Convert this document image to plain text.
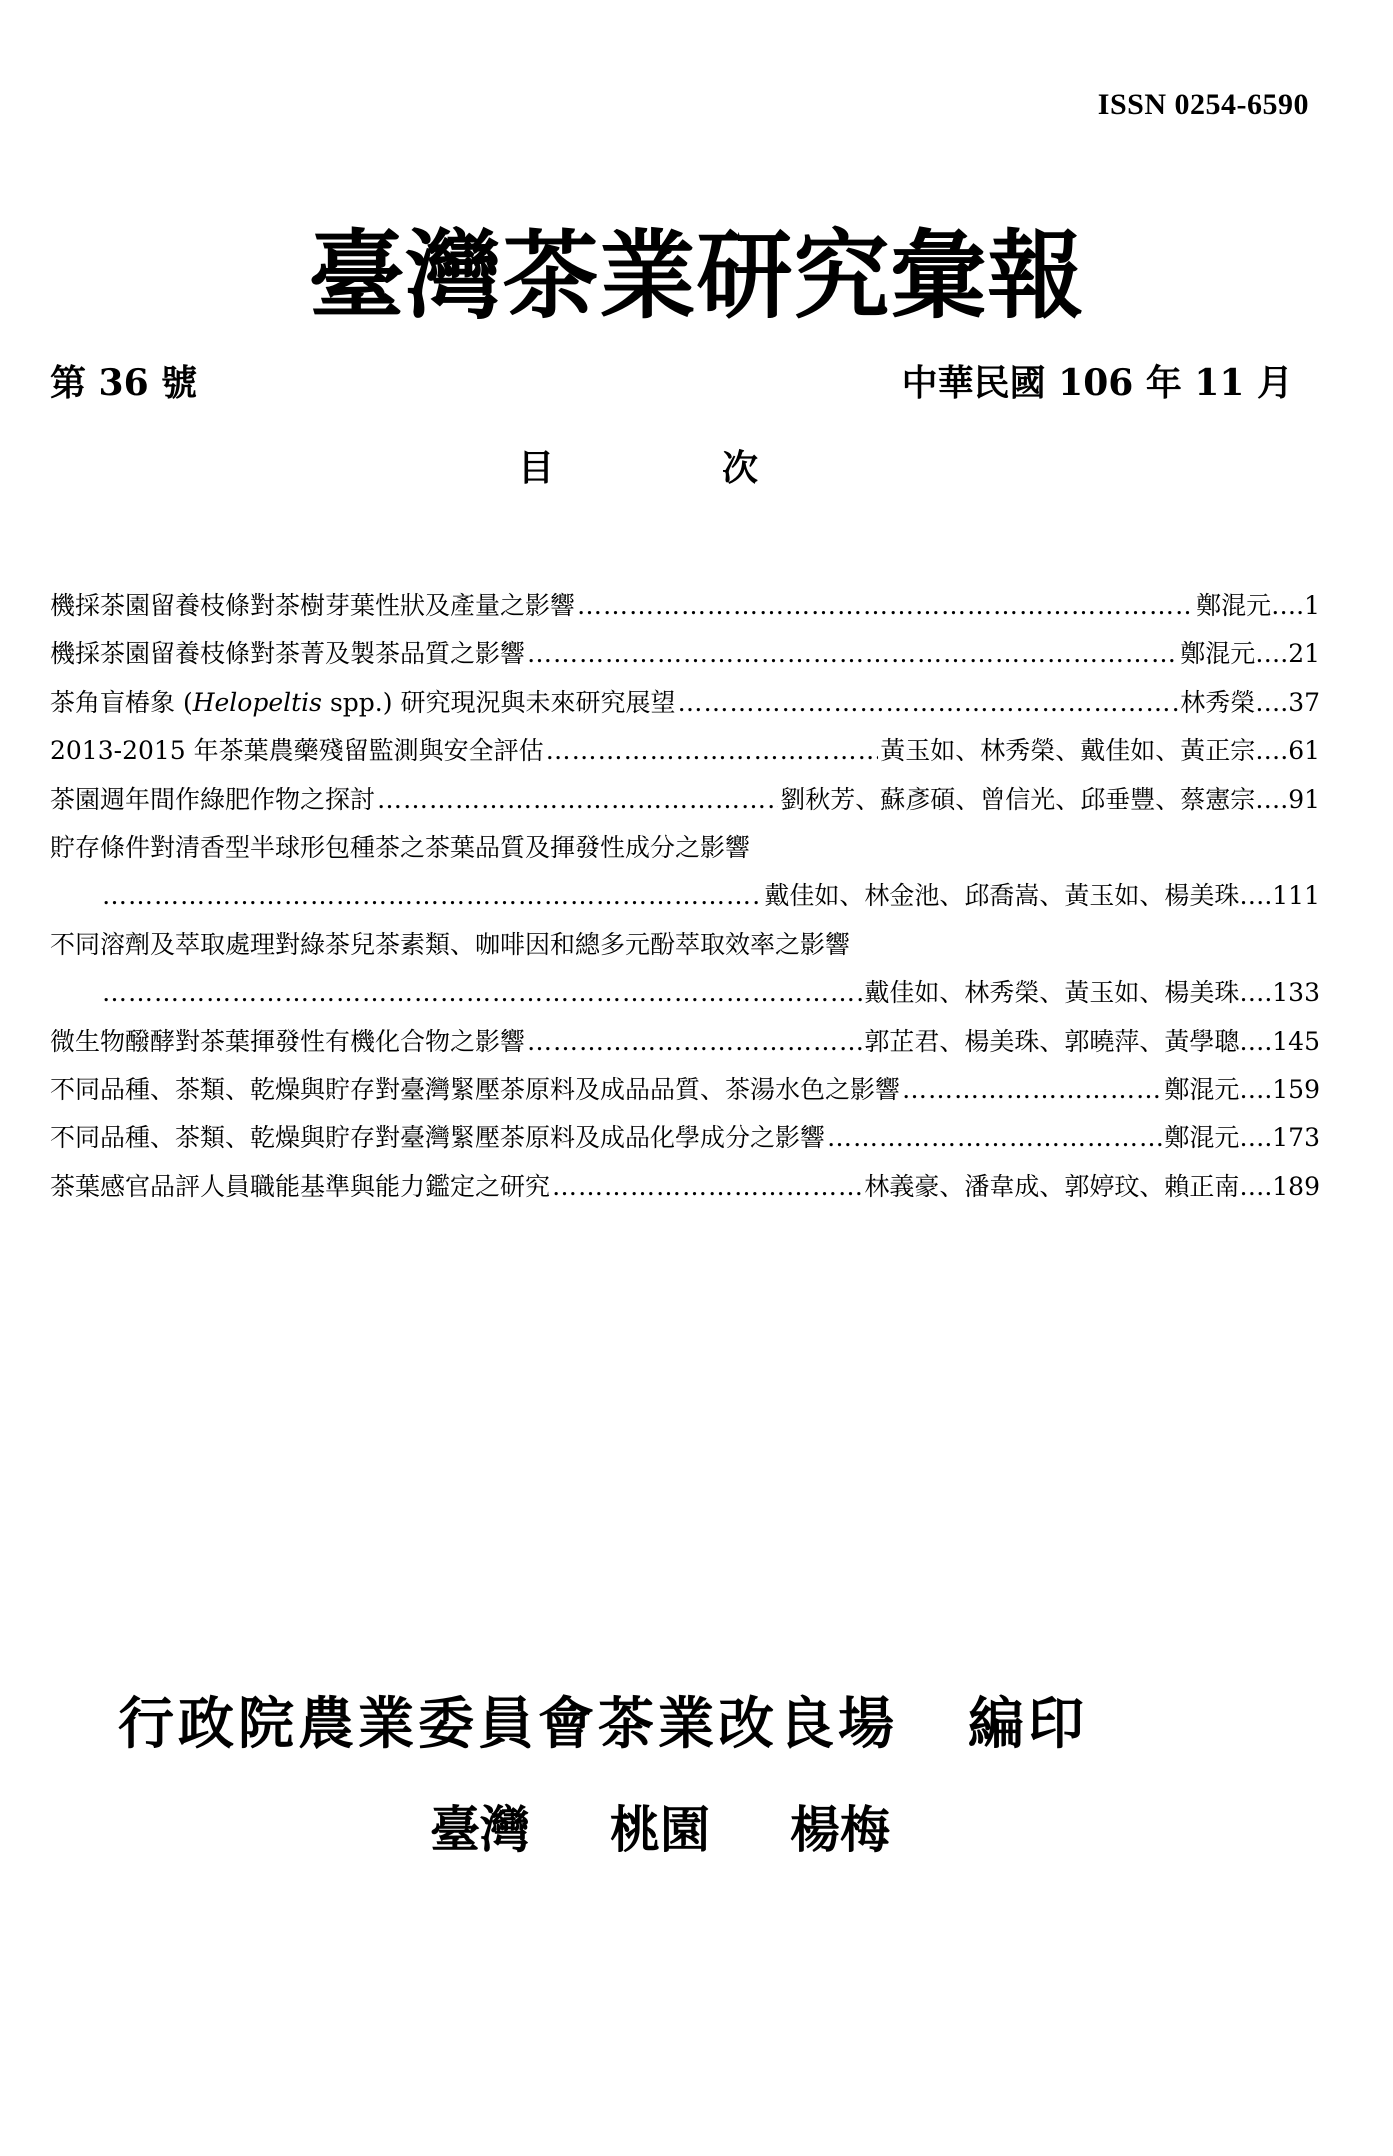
ISSN 0254-6590
臺灣茶業研究彙報
第 36 號	中華民國 106 年 11 月
目	次
機採茶園留養枝條對茶樹芽葉性狀及產量之影響 ……………………………………………………………………………………………………………………………………………………………………	鄭混元	…. 1
機採茶園留養枝條對茶菁及製茶品質之影響 ……………………………………………………………………………………………………………………………………………………………………	鄭混元	…. 21
茶角盲椿象 (Helopeltis spp.) 研究現況與未來研究展望 ……………………………………………………………………………………………………………………………………………………………………	林秀榮	…. 37
2013-2015 年茶葉農藥殘留監測與安全評估 ……………………………………………………………………………………………………………………………………………………………………	黃玉如、林秀榮、戴佳如、黃正宗	…. 61
茶園週年間作綠肥作物之探討 ……………………………………………………………………………………………………………………………………………………………………	劉秋芳、蘇彥碩、曾信光、邱垂豐、蔡憲宗	…. 91
貯存條件對清香型半球形包種茶之茶葉品質及揮發性成分之影響
……………………………………………………………………………………………………………………………………………………………………
戴佳如、林金池、邱喬嵩、黃玉如、楊美珠	…. 111
不同溶劑及萃取處理對綠茶兒茶素類、咖啡因和總多元酚萃取效率之影響
……………………………………………………………………………………………………………………………………………………………………
戴佳如、林秀榮、黃玉如、楊美珠	…. 133
微生物醱酵對茶葉揮發性有機化合物之影響 ……………………………………………………………………………………………………………………………………………………………………	郭芷君、楊美珠、郭曉萍、黃學聰	…. 145
不同品種、茶類、乾燥與貯存對臺灣緊壓茶原料及成品品質、茶湯水色之影響 ……………………………………………………………………………………………………………………………………………………………………	鄭混元	…. 159
不同品種、茶類、乾燥與貯存對臺灣緊壓茶原料及成品化學成分之影響 ……………………………………………………………………………………………………………………………………………………………………	鄭混元	…. 173
茶葉感官品評人員職能基準與能力鑑定之研究 ……………………………………………………………………………………………………………………………………………………………………	林義豪、潘韋成、郭婷玟、賴正南	…. 189
行政院農業委員會茶業改良場 編印
臺灣 桃園 楊梅
